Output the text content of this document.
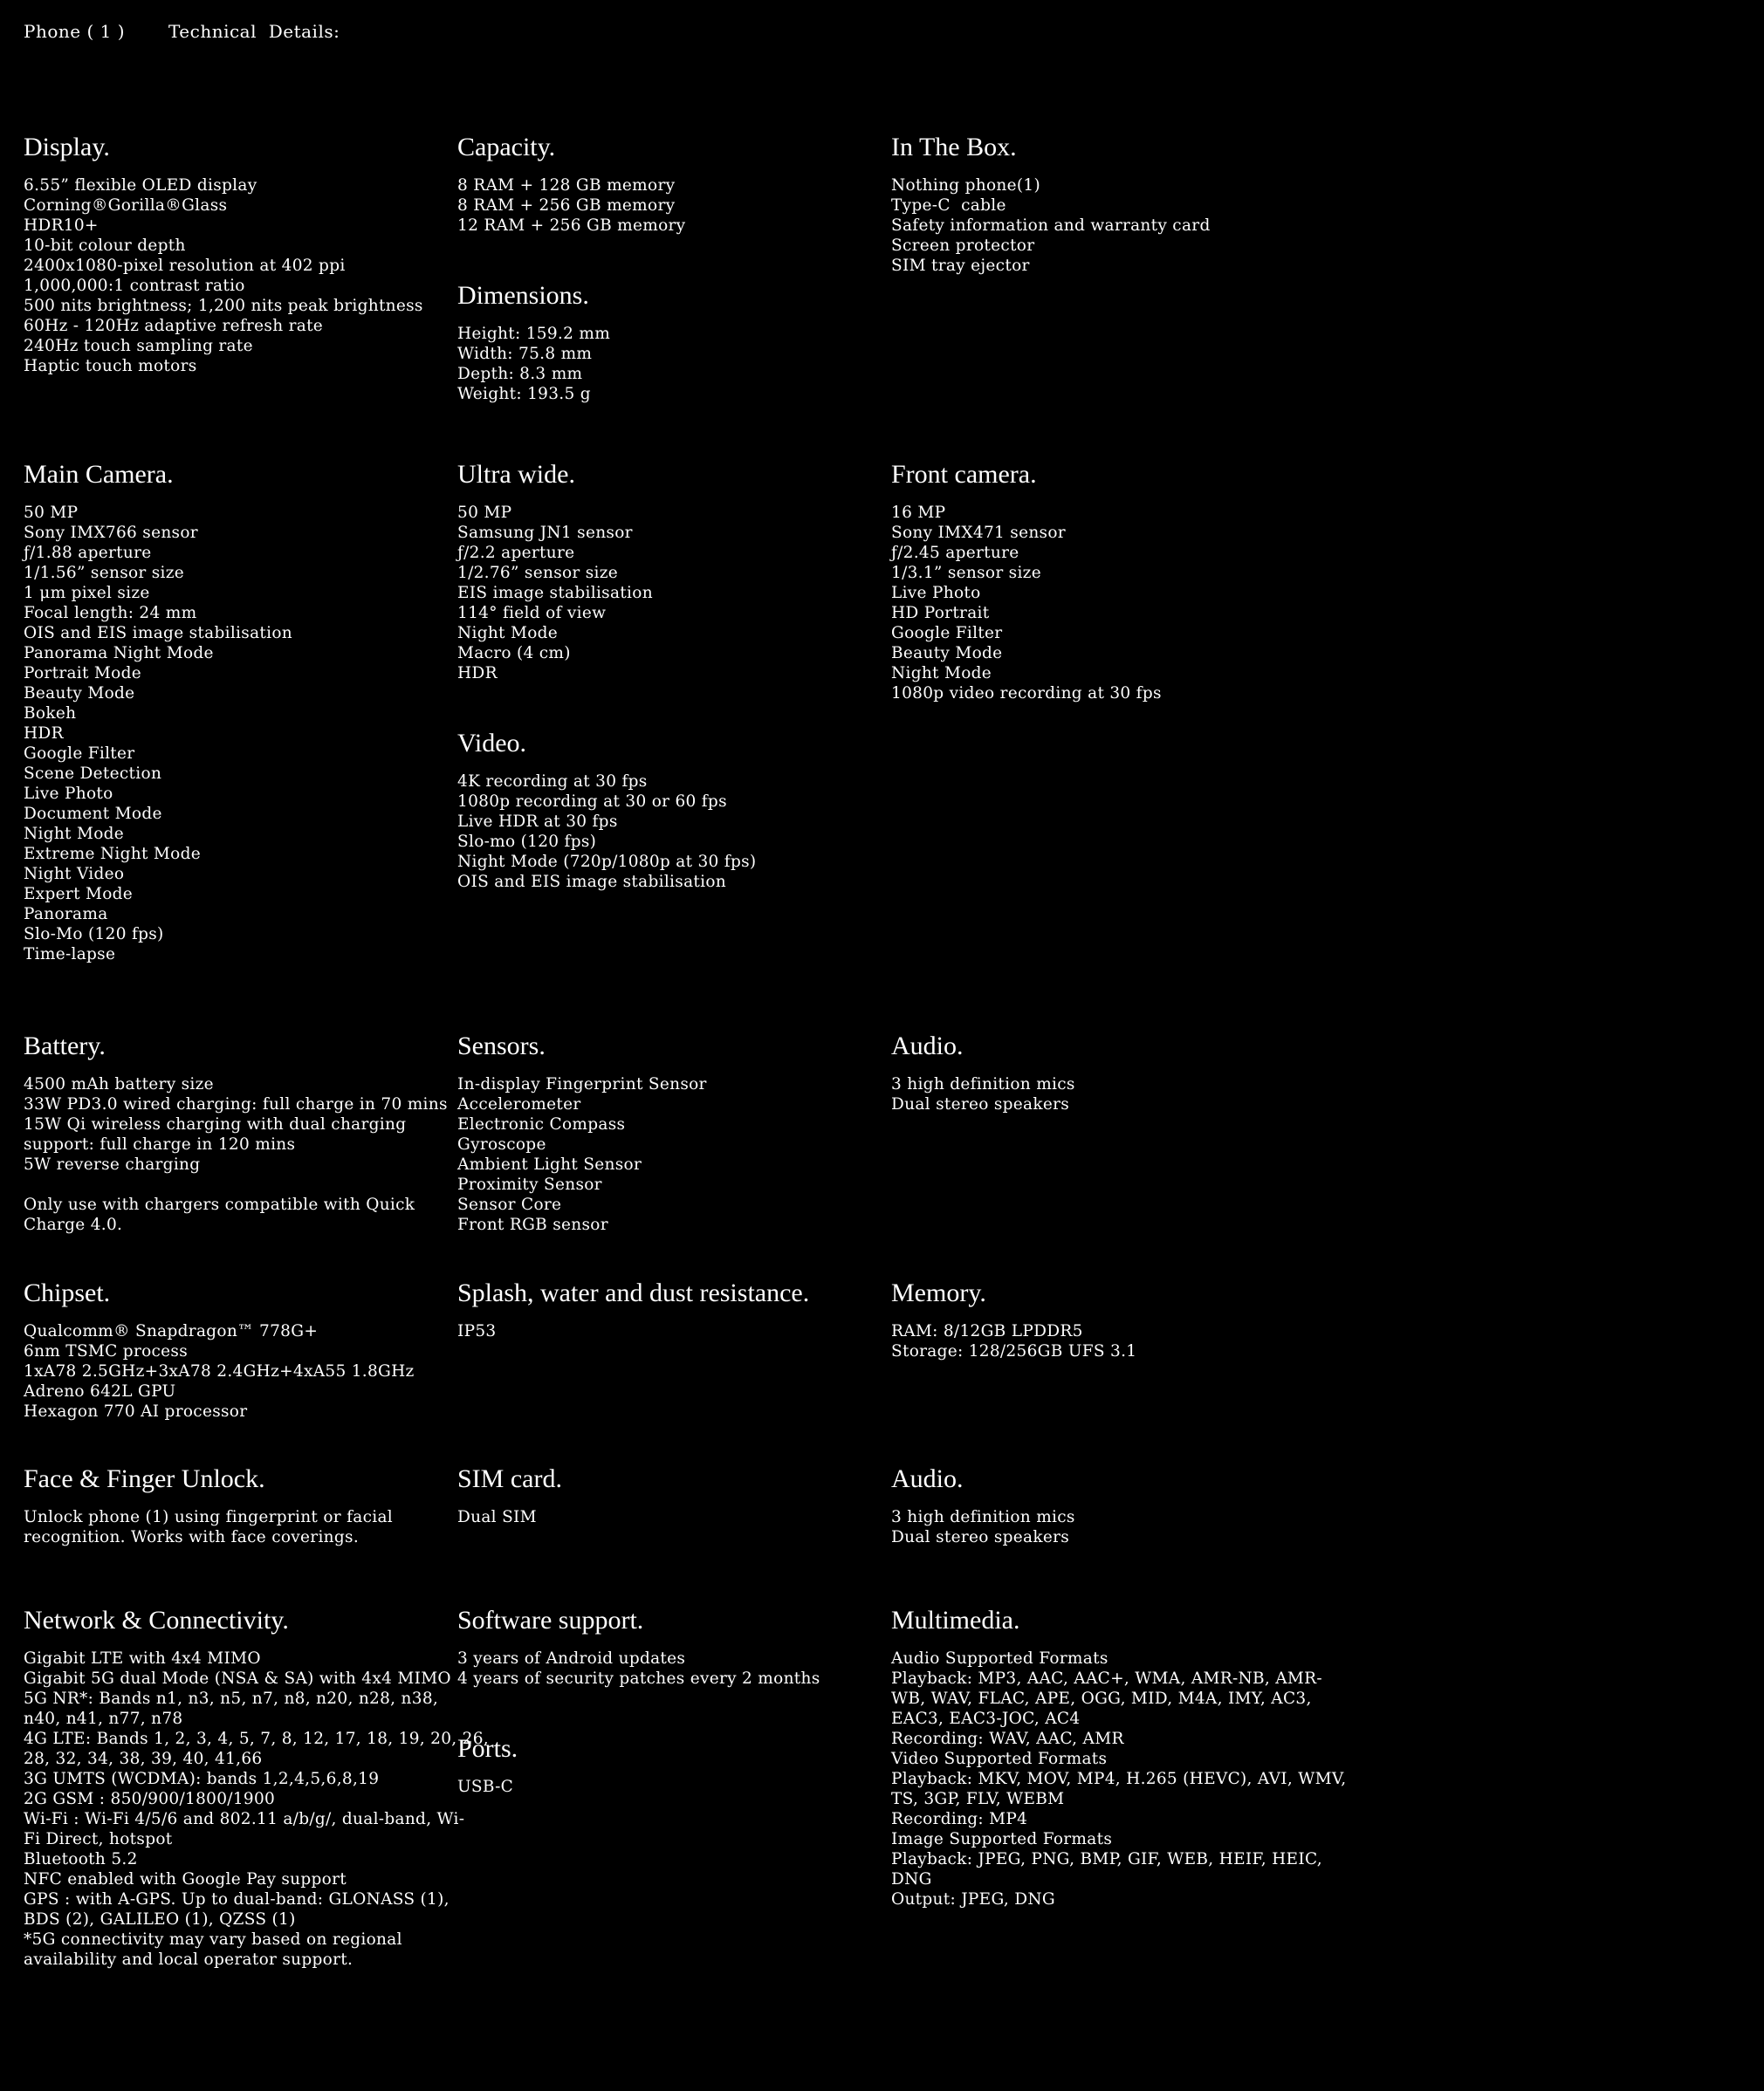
Phone ( 1 )	Technical  Details:
Display.
6.55” flexible OLED display
Corning®Gorilla®Glass
HDR10+
10-bit colour depth
2400x1080-pixel resolution at 402 ppi
1,000,000:1 contrast ratio
500 nits brightness; 1,200 nits peak brightness
60Hz - 120Hz adaptive refresh rate
240Hz touch sampling rate
Haptic touch motors
Capacity.
8 RAM + 128 GB memory
8 RAM + 256 GB memory
12 RAM + 256 GB memory
Dimensions.
Height: 159.2 mm
Width: 75.8 mm
Depth: 8.3 mm
Weight: 193.5 g
In The Box.
Nothing phone(1)
Type-C  cable
Safety information and warranty card
Screen protector
SIM tray ejector
Main Camera.
50 MP
Sony IMX766 sensor
ƒ/1.88 aperture
1/1.56” sensor size
1 μm pixel size
Focal length: 24 mm
OIS and EIS image stabilisation
Panorama Night Mode
Portrait Mode
Beauty Mode
Bokeh
HDR
Google Filter
Scene Detection
Live Photo
Document Mode
Night Mode
Extreme Night Mode
Night Video
Expert Mode
Panorama
Slo-Mo (120 fps)
Time-lapse
Ultra wide.
50 MP
Samsung JN1 sensor
ƒ/2.2 aperture
1/2.76” sensor size
EIS image stabilisation
114° field of view
Night Mode
Macro (4 cm)
HDR
Video.
4K recording at 30 fps
1080p recording at 30 or 60 fps
Live HDR at 30 fps
Slo-mo (120 fps)
Night Mode (720p/1080p at 30 fps)
OIS and EIS image stabilisation
Front camera.
16 MP
Sony IMX471 sensor
ƒ/2.45 aperture
1/3.1” sensor size
Live Photo
HD Portrait
Google Filter
Beauty Mode
Night Mode
1080p video recording at 30 fps
Battery.
4500 mAh battery size
33W PD3.0 wired charging: full charge in 70 mins
15W Qi wireless charging with dual charging
support: full charge in 120 mins
5W reverse charging
Only use with chargers compatible with Quick
Charge 4.0.
Sensors.
In-display Fingerprint Sensor
Accelerometer
Electronic Compass
Gyroscope
Ambient Light Sensor
Proximity Sensor
Sensor Core
Front RGB sensor
Audio.
3 high definition mics
Dual stereo speakers
Chipset.
Qualcomm® Snapdragon™ 778G+
6nm TSMC process
1xA78 2.5GHz+3xA78 2.4GHz+4xA55 1.8GHz
Adreno 642L GPU
Hexagon 770 AI processor
Splash, water and dust resistance.
IP53
Memory.
RAM: 8/12GB LPDDR5
Storage: 128/256GB UFS 3.1
Face & Finger Unlock.
Unlock phone (1) using fingerprint or facial
recognition. Works with face coverings.
SIM card.
Dual SIM
Audio.
3 high definition mics
Dual stereo speakers
Network & Connectivity.
Gigabit LTE with 4x4 MIMO
Gigabit 5G dual Mode (NSA & SA) with 4x4 MIMO
5G NR*: Bands n1, n3, n5, n7, n8, n20, n28, n38,
n40, n41, n77, n78
4G LTE: Bands 1, 2, 3, 4, 5, 7, 8, 12, 17, 18, 19, 20, 26,
28, 32, 34, 38, 39, 40, 41,66
3G UMTS (WCDMA): bands 1,2,4,5,6,8,19
2G GSM : 850/900/1800/1900
Wi-Fi : Wi-Fi 4/5/6 and 802.11 a/b/g/, dual-band, Wi-
Fi Direct, hotspot
Bluetooth 5.2
NFC enabled with Google Pay support
GPS : with A-GPS. Up to dual-band: GLONASS (1),
BDS (2), GALILEO (1), QZSS (1)
*5G connectivity may vary based on regional
availability and local operator support.
Software support.
3 years of Android updates
4 years of security patches every 2 months
Ports.
USB-C
Multimedia.
Audio Supported Formats
Playback: MP3, AAC, AAC+, WMA, AMR-NB, AMR-
WB, WAV, FLAC, APE, OGG, MID, M4A, IMY, AC3,
EAC3, EAC3-JOC, AC4
Recording: WAV, AAC, AMR
Video Supported Formats
Playback: MKV, MOV, MP4, H.265 (HEVC), AVI, WMV,
TS, 3GP, FLV, WEBM
Recording: MP4
Image Supported Formats
Playback: JPEG, PNG, BMP, GIF, WEB, HEIF, HEIC,
DNG
Output: JPEG, DNG
